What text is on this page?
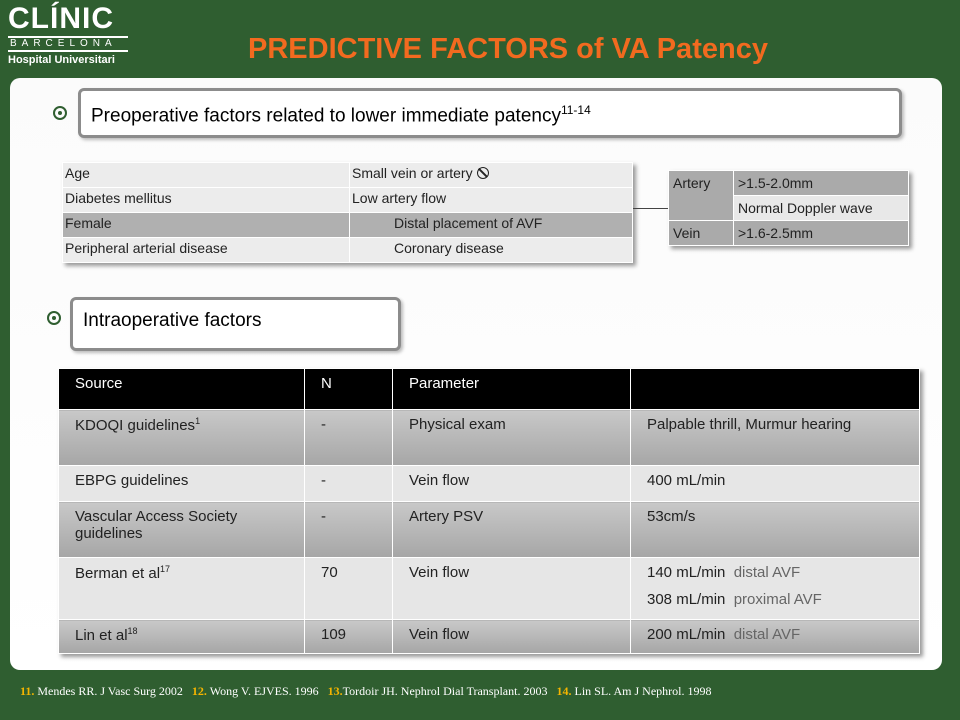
CLÍNIC
BARCELONA
Hospital Universitari	PREDICTIVE FACTORS of VA Patency
Preoperative factors related to lower immediate patency$^{11-14}$
Age	Small vein or artery
Diabetes mellitus	Low artery flow
Female	Distal placement of AVF
Peripheral arterial disease	Coronary disease
Artery	>1.5-2.0mm
	Normal Doppler wave
Vein	>1.6-2.5mm
Intraoperative factors
Source	N	Parameter	
KDOQI guidelines$^1$	-	Physical exam	Palpable thrill, Murmur hearing
EBPG guidelines	-	Vein flow	400 mL/min
Vascular Access Society guidelines	-	Artery PSV	53cm/s
Berman et $al^{17}$	70	Vein flow	140 mL/min distal AVF
308 mL/min proximal AVF

Lin et $al^{18}$	109	Vein flow	200 mL/min distal AVF
11. Mendes RR. J Vasc Surg 2002 12. Wong V. EJVES. 1996 13.Tordoir JH. Nephrol Dial Transplant. 2003 14. Lin SL. Am J Nephrol. 1998
